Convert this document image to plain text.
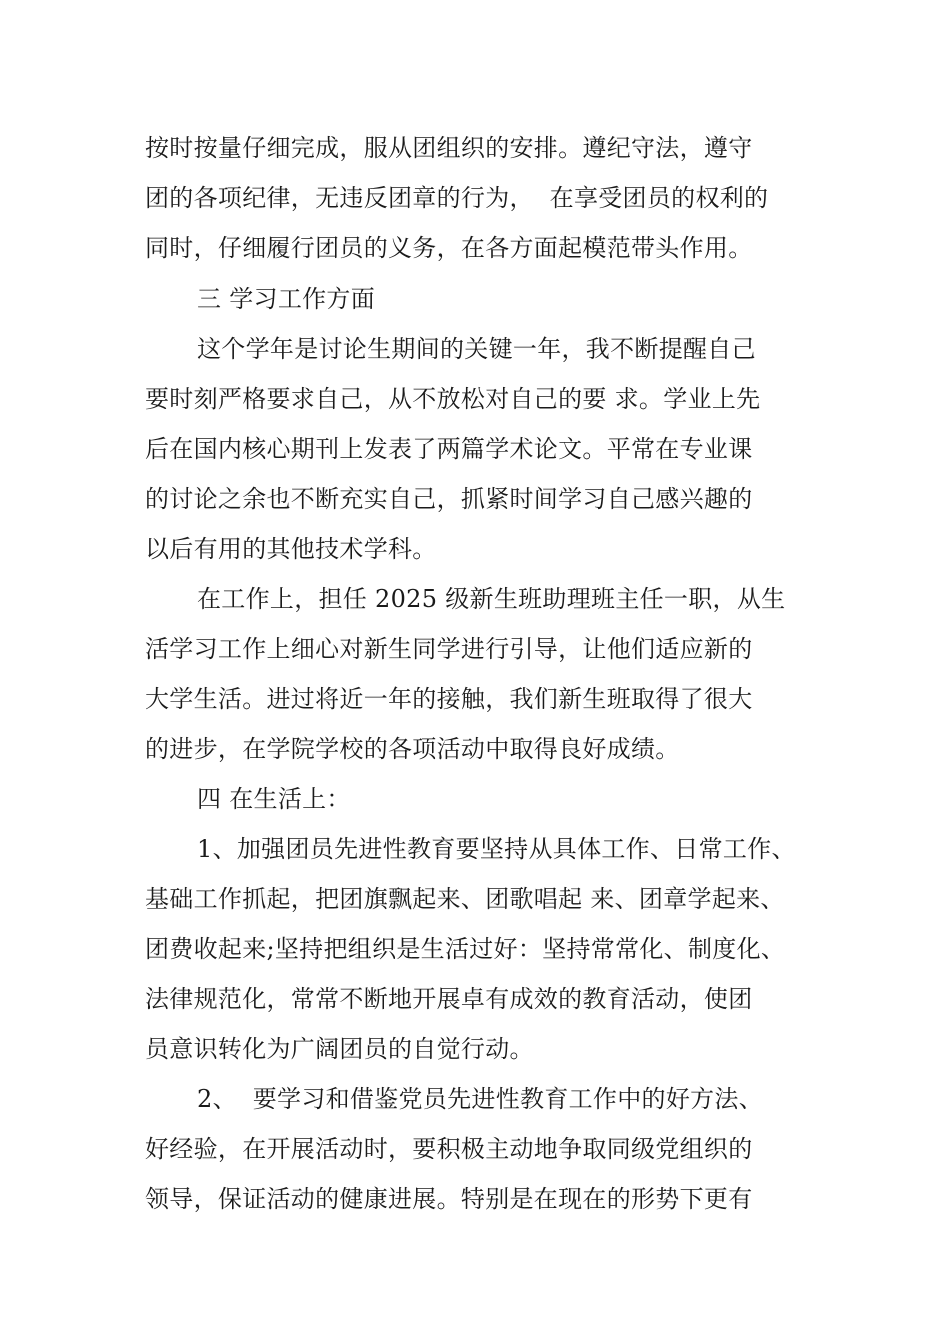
按时按量仔细完成，服从团组织的安排。遵纪守法，遵守
团的各项纪律，无违反团章的行为，  在享受团员的权利的
同时，仔细履行团员的义务，在各方面起模范带头作用。
三 学习工作方面
这个学年是讨论生期间的关键一年，我不断提醒自己
要时刻严格要求自己，从不放松对自己的要 求。学业上先
后在国内核心期刊上发表了两篇学术论文。平常在专业课
的讨论之余也不断充实自己，抓紧时间学习自己感兴趣的
以后有用的其他技术学科。
在工作上，担任 2025 级新生班助理班主任一职，从生
活学习工作上细心对新生同学进行引导，让他们适应新的
大学生活。进过将近一年的接触，我们新生班取得了很大
的进步，在学院学校的各项活动中取得良好成绩。
四 在生活上：
1、加强团员先进性教育要坚持从具体工作、日常工作、
基础工作抓起，把团旗飘起来、团歌唱起 来、团章学起来、
团费收起来;坚持把组织是生活过好：坚持常常化、制度化、
法律规范化，常常不断地开展卓有成效的教育活动，使团
员意识转化为广阔团员的自觉行动。
2、  要学习和借鉴党员先进性教育工作中的好方法、
好经验，在开展活动时，要积极主动地争取同级党组织的
领导，保证活动的健康进展。特别是在现在的形势下更有
